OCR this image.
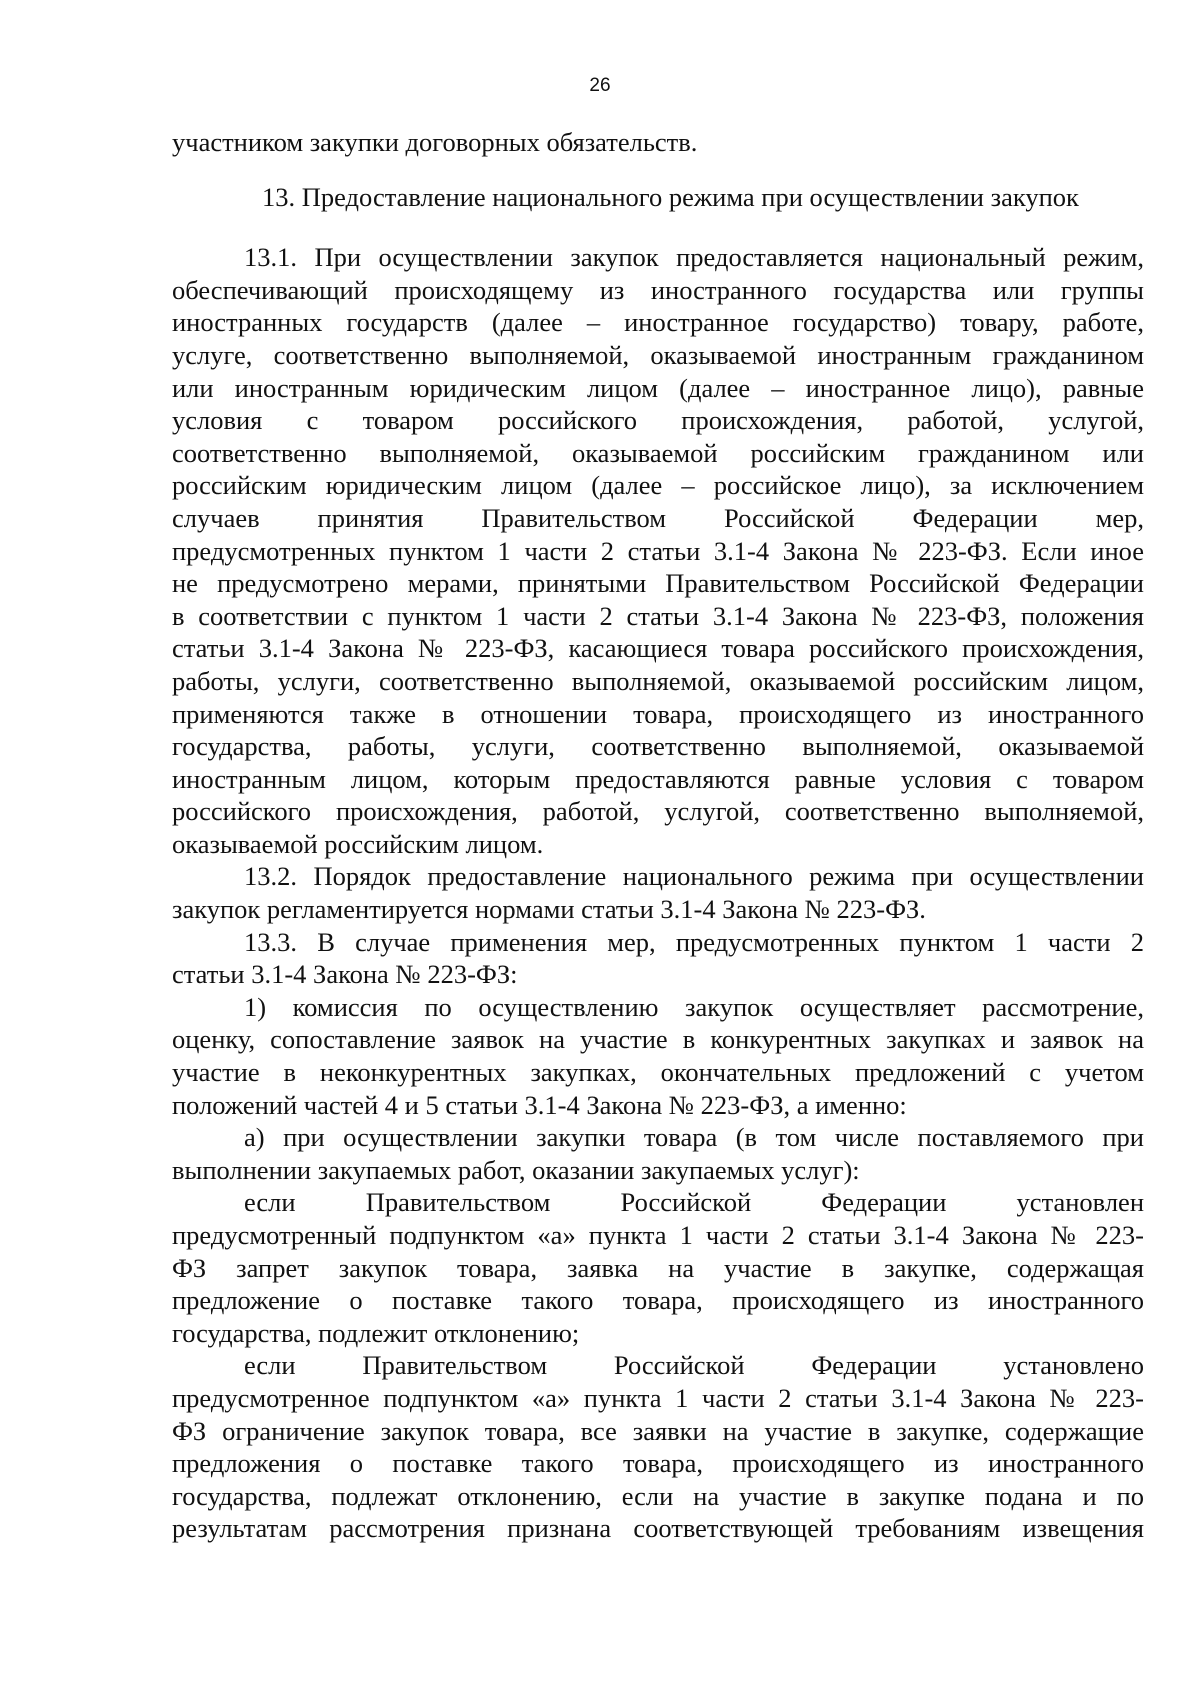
26
участником закупки договорных обязательств.
13. Предоставление национального режима при осуществлении закупок
13.1. При осуществлении закупок предоставляется национальный режим,
обеспечивающий происходящему из иностранного государства или группы
иностранных государств (далее – иностранное государство) товару, работе,
услуге, соответственно выполняемой, оказываемой иностранным гражданином
или иностранным юридическим лицом (далее – иностранное лицо), равные
условия с товаром российского происхождения, работой, услугой,
соответственно выполняемой, оказываемой российским гражданином или
российским юридическим лицом (далее – российское лицо), за исключением
случаев принятия Правительством Российской Федерации мер,
предусмотренных пунктом 1 части 2 статьи 3.1-4 Закона № 223-ФЗ. Если иное
не предусмотрено мерами, принятыми Правительством Российской Федерации
в соответствии с пунктом 1 части 2 статьи 3.1-4 Закона № 223-ФЗ, положения
статьи 3.1-4 Закона № 223-ФЗ, касающиеся товара российского происхождения,
работы, услуги, соответственно выполняемой, оказываемой российским лицом,
применяются также в отношении товара, происходящего из иностранного
государства, работы, услуги, соответственно выполняемой, оказываемой
иностранным лицом, которым предоставляются равные условия с товаром
российского происхождения, работой, услугой, соответственно выполняемой,
оказываемой российским лицом.
13.2. Порядок предоставление национального режима при осуществлении
закупок регламентируется нормами статьи 3.1-4 Закона № 223-ФЗ.
13.3. В случае применения мер, предусмотренных пунктом 1 части 2
статьи 3.1-4 Закона № 223-ФЗ:
1) комиссия по осуществлению закупок осуществляет рассмотрение,
оценку, сопоставление заявок на участие в конкурентных закупках и заявок на
участие в неконкурентных закупках, окончательных предложений с учетом
положений частей 4 и 5 статьи 3.1-4 Закона № 223-ФЗ, а именно:
а) при осуществлении закупки товара (в том числе поставляемого при
выполнении закупаемых работ, оказании закупаемых услуг):
если Правительством Российской Федерации установлен
предусмотренный подпунктом «а» пункта 1 части 2 статьи 3.1-4 Закона № 223-
ФЗ запрет закупок товара, заявка на участие в закупке, содержащая
предложение о поставке такого товара, происходящего из иностранного
государства, подлежит отклонению;
если Правительством Российской Федерации установлено
предусмотренное подпунктом «а» пункта 1 части 2 статьи 3.1-4 Закона № 223-
ФЗ ограничение закупок товара, все заявки на участие в закупке, содержащие
предложения о поставке такого товара, происходящего из иностранного
государства, подлежат отклонению, если на участие в закупке подана и по
результатам рассмотрения признана соответствующей требованиям извещения
